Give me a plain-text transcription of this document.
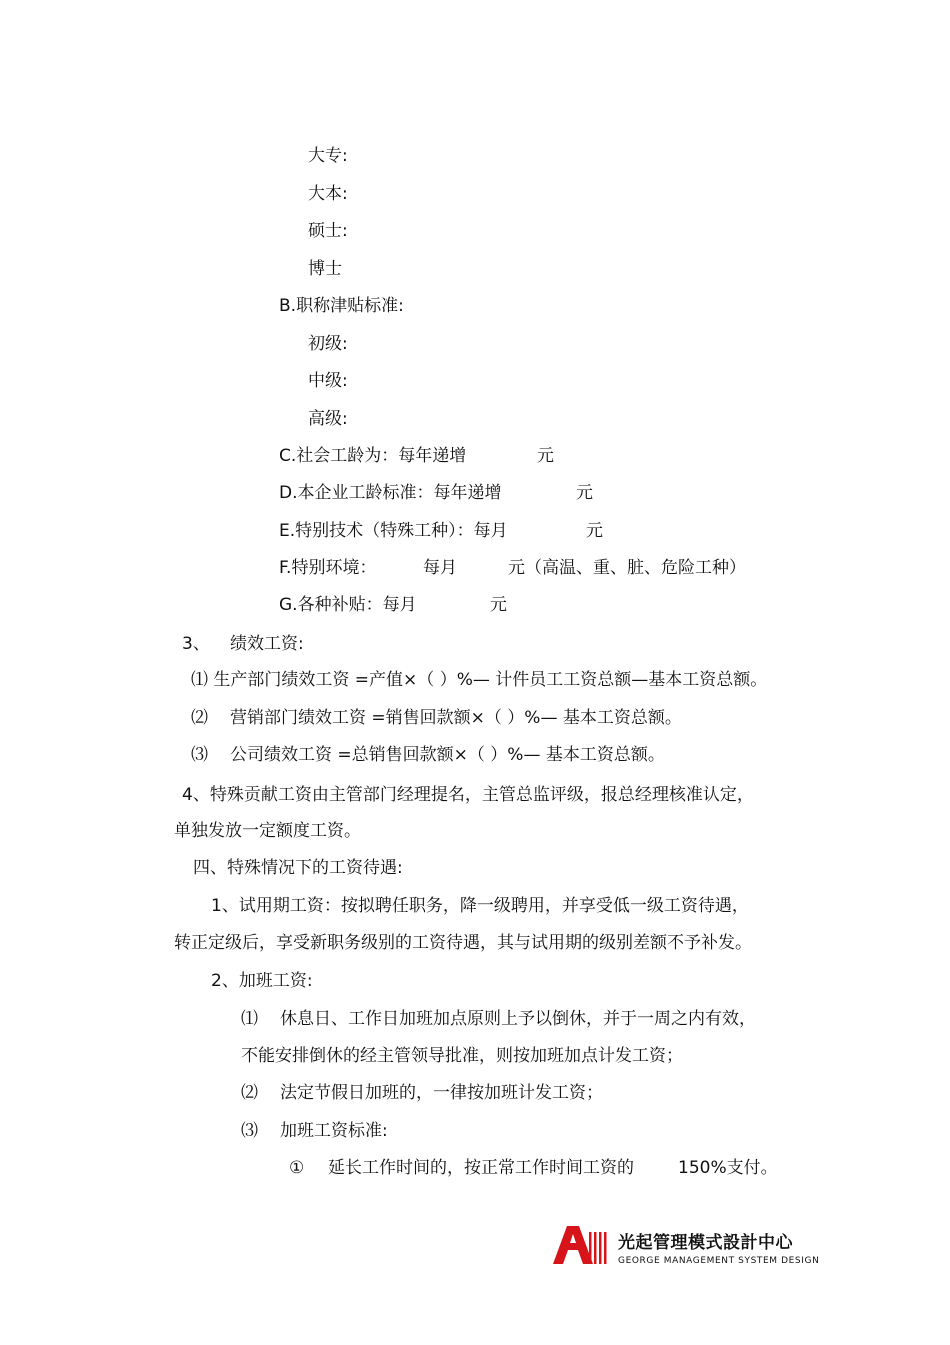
大专:
大本:
硕士:
博士
B.职称津贴标准:
初级:
中级:
高级:
C.社会工龄为：每年递增	元
D.本企业工龄标准：每年递增	元
E.特别技术（特殊工种）：每月	元
F.特别环境：	每月	元（高温、重、脏、危险工种）
G.各种补贴：每月	元
3、 绩效工资:
⑴ 生产部门绩效工资 =产值×（ ）%— 计件员工工资总额—基本工资总额。
⑵ 营销部门绩效工资 =销售回款额×（ ）%— 基本工资总额。
⑶ 公司绩效工资 =总销售回款额×（ ）%— 基本工资总额。
4、特殊贡献工资由主管部门经理提名，主管总监评级，报总经理核准认定，
单独发放一定额度工资。
四、特殊情况下的工资待遇:
1、试用期工资：按拟聘任职务，降一级聘用，并享受低一级工资待遇，
转正定级后，享受新职务级别的工资待遇，其与试用期的级别差额不予补发。
2、加班工资:
⑴ 休息日、工作日加班加点原则上予以倒休，并于一周之内有效，
不能安排倒休的经主管领导批准，则按加班加点计发工资；
⑵ 法定节假日加班的，一律按加班计发工资；
⑶ 加班工资标准:
① 延长工作时间的，按正常工作时间工资的	150%支付。
光起管理模式設計中心
GEORGE MANAGEMENT SYSTEM DESIGN
